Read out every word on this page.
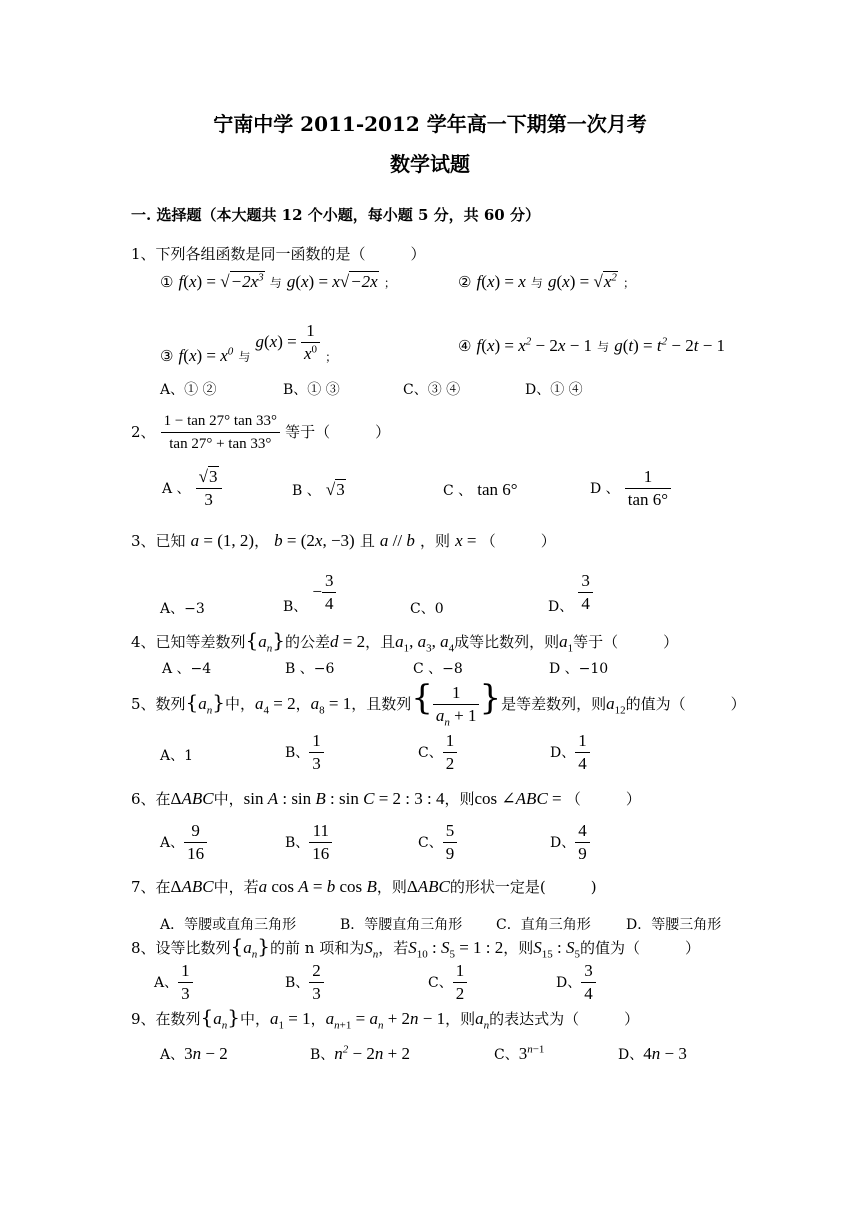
宁南中学 2011-2012 学年高一下期第一次月考
数学试题
一. 选择题（本大题共 12 个小题，每小题 5 分，共 60 分）
1、下列各组函数是同一函数的是（　　　）
① $f(x) = √-2x^3$ 与 g(x) = x√−2x ；	② f(x) = x 与 $g(x) = √x^2$ ；
③ $f(x) = x^0$ $_与$ $g(x) = \frac{1}{x^0} _;$
④ $f(x) = x^2 - 2x - 1$ 与 $g(t) = t^2 - 2t - 1$
A、① ②	B、① ③	C、③ ④	D、① ④
2、 $\frac{1 - \tan 27^\circ \tan 33^\circ}{\tan 27^\circ + \tan 33^\circ}$ 等于（　　　）
A 、 $\frac{√3}{3}$	B 、 √3	C 、 tan 6°	D 、 $\frac{1}{\tan 6^\circ}$
3、已知 a = (1, 2)， b = (2x, −3) 且 a // b ，则 x = （　　　）
A、−3	B、 − $\frac{3}{4}$	C、0	D、 $\frac{3}{4}$
4、已知等差数列$\{a_n\}$的公差d = 2，且$a_1$, $a_3$, $a_4$成等比数列，则$a_1$等于（　　　）
A 、−4	B 、−6	C 、−8	D 、−10
5、数列$\{a_n\}$中，$a_4 = 2$，$a_8 = 1$，且数列{ $\frac{1}{a_n + 1}$ }是等差数列，则$a_{12}$的值为（　　　）
A、1	B、 $\frac{1}{3}$	C、 $\frac{1}{2}$	D、 $\frac{1}{4}$
6、在ΔABC中，sin A : sin B : sin C = 2 : 3 : 4，则cos ∠ABC = （　　　）
A、 $\frac{9}{16}$	B、 $\frac{11}{16}$	C、 $\frac{5}{9}$	D、 $\frac{4}{9}$
7、在ΔABC中，若a cos A = b cos B，则ΔABC的形状一定是(　　　)
A．等腰或直角三角形	B．等腰直角三角形 C．直角三角形	D．等腰三角形
8、设等比数列$\{a_n\}$的前 n 项和为$S_n$，若$S_{10}$ : $S_5 = 1$ : 2，则$S_{15}$ : $S_5$的值为（　　　）
A、 $\frac{1}{3}$	B、 $\frac{2}{3}$	C、 $\frac{1}{2}$	D、 $\frac{3}{4}$
9、在数列$\{a_n\}$中，$a_1 = 1$，$a_{n+1} = a_n + 2n - 1$，则$a_n$的表达式为（　　　）
A、3n − 2	B、$n^2 - 2n + 2$	C、$3^{n-1}$	D、4n − 3
